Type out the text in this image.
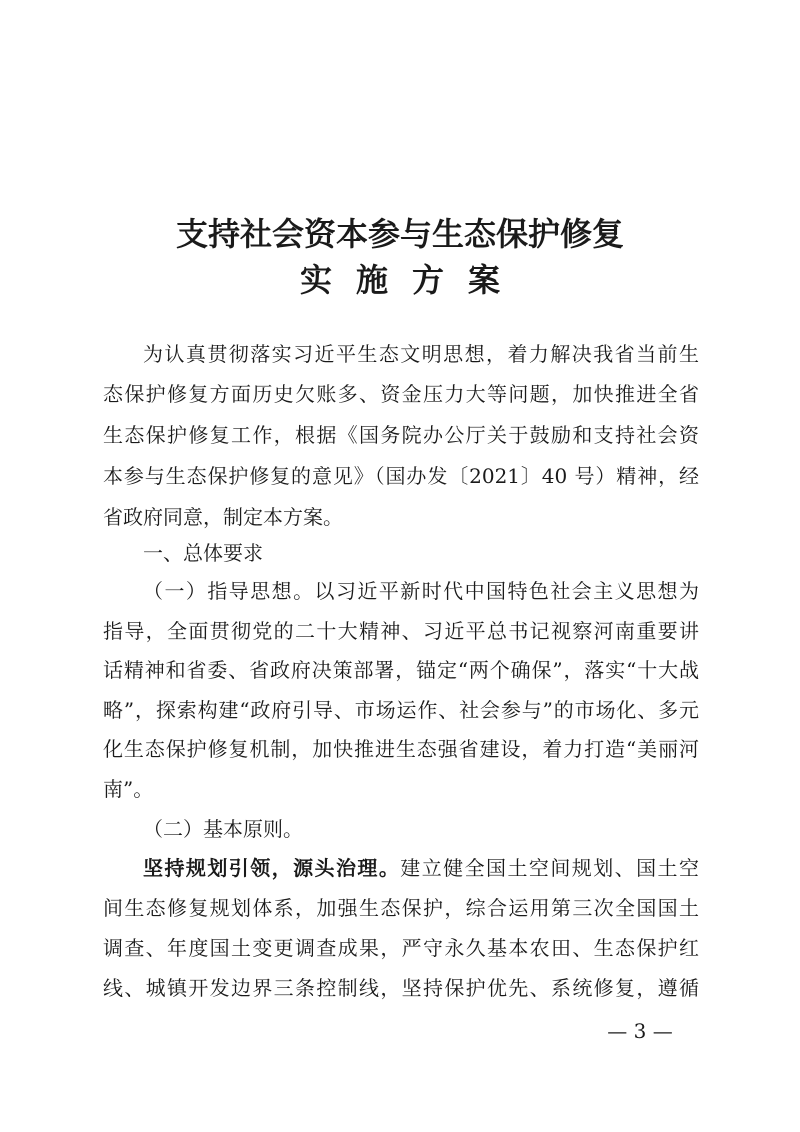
支持社会资本参与生态保护修复
实施方案
为认真贯彻落实习近平生态文明思想，着力解决我省当前生
态保护修复方面历史欠账多、资金压力大等问题，加快推进全省
生态保护修复工作，根据《国务院办公厅关于鼓励和支持社会资
本参与生态保护修复的意见》（国办发〔2021〕40 号）精神，经
省政府同意，制定本方案。
一、总体要求
（一）指导思想。以习近平新时代中国特色社会主义思想为
指导，全面贯彻党的二十大精神、习近平总书记视察河南重要讲
话精神和省委、省政府决策部署，锚定“两个确保”，落实“十大战
略”，探索构建“政府引导、市场运作、社会参与”的市场化、多元
化生态保护修复机制，加快推进生态强省建设，着力打造“美丽河
南”。
（二）基本原则。
坚持规划引领，源头治理。建立健全国土空间规划、国土空
间生态修复规划体系，加强生态保护，综合运用第三次全国国土
调查、年度国土变更调查成果，严守永久基本农田、生态保护红
线、城镇开发边界三条控制线，坚持保护优先、系统修复，遵循
— 3 —
